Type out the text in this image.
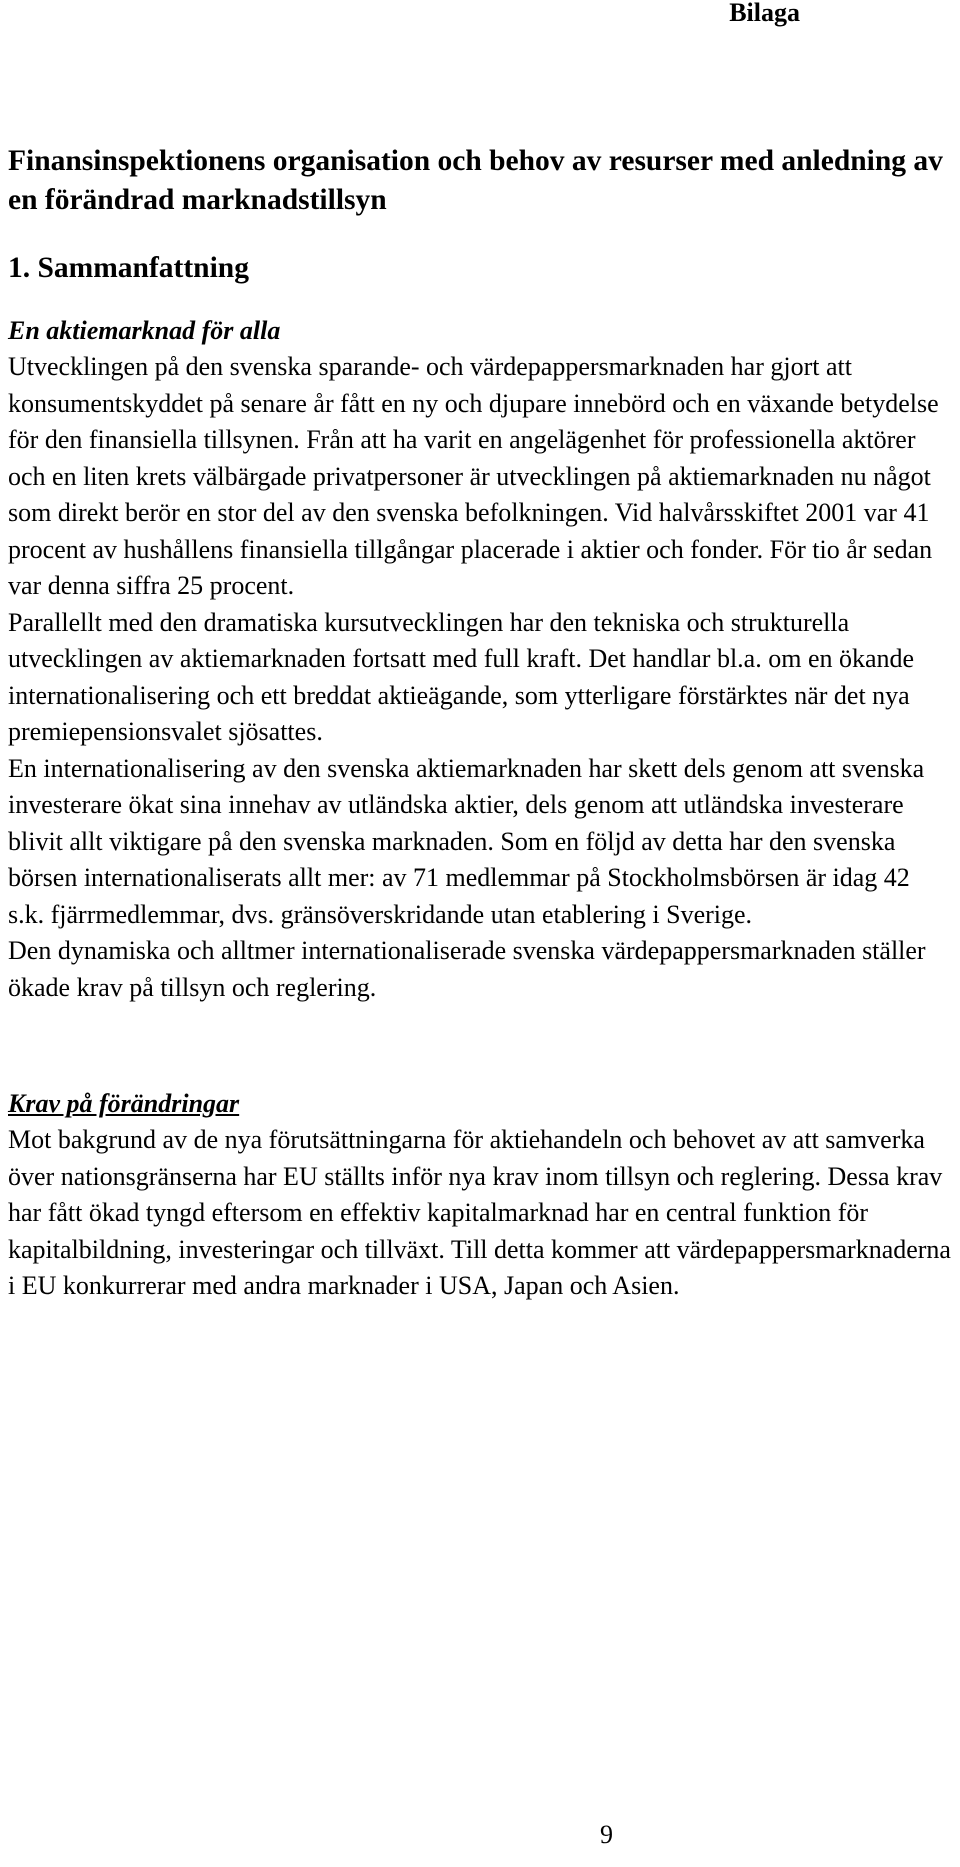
Bilaga
Finansinspektionens organisation och behov av resurser med anledning av en förändrad marknadstillsyn
1. Sammanfattning
En aktiemarknad för alla

Utvecklingen på den svenska sparande- och värdepappersmarknaden har gjort att konsumentskyddet på senare år fått en ny och djupare innebörd och en växande betydelse för den finansiella tillsynen. Från att ha varit en angelägenhet för professionella aktörer och en liten krets välbärgade privatpersoner är utvecklingen på aktiemarknaden nu något som direkt berör en stor del av den svenska befolkningen. Vid halvårsskiftet 2001 var 41 procent av hushållens finansiella tillgångar placerade i aktier och fonder. För tio år sedan var denna siffra 25 procent.

Parallellt med den dramatiska kursutvecklingen har den tekniska och strukturella utvecklingen av aktiemarknaden fortsatt med full kraft. Det handlar bl.a. om en ökande internationalisering och ett breddat aktieägande, som ytterligare förstärktes när det nya premiepensionsvalet sjösattes.

En internationalisering av den svenska aktiemarknaden har skett dels genom att svenska investerare ökat sina innehav av utländska aktier, dels genom att utländska investerare blivit allt viktigare på den svenska marknaden. Som en följd av detta har den svenska börsen internationaliserats allt mer: av 71 medlemmar på Stockholmsbörsen är idag 42 s.k. fjärrmedlemmar, dvs. gränsöverskridande utan etablering i Sverige.

Den dynamiska och alltmer internationaliserade svenska värdepappersmarknaden ställer ökade krav på tillsyn och reglering.

Krav på förändringar

Mot bakgrund av de nya förutsättningarna för aktiehandeln och behovet av att samverka över nationsgränserna har EU ställts inför nya krav inom tillsyn och reglering. Dessa krav har fått ökad tyngd eftersom en effektiv kapitalmarknad har en central funktion för kapitalbildning, investeringar och tillväxt. Till detta kommer att värdepappersmarknaderna i EU konkurrerar med andra marknader i USA, Japan och Asien.

9
